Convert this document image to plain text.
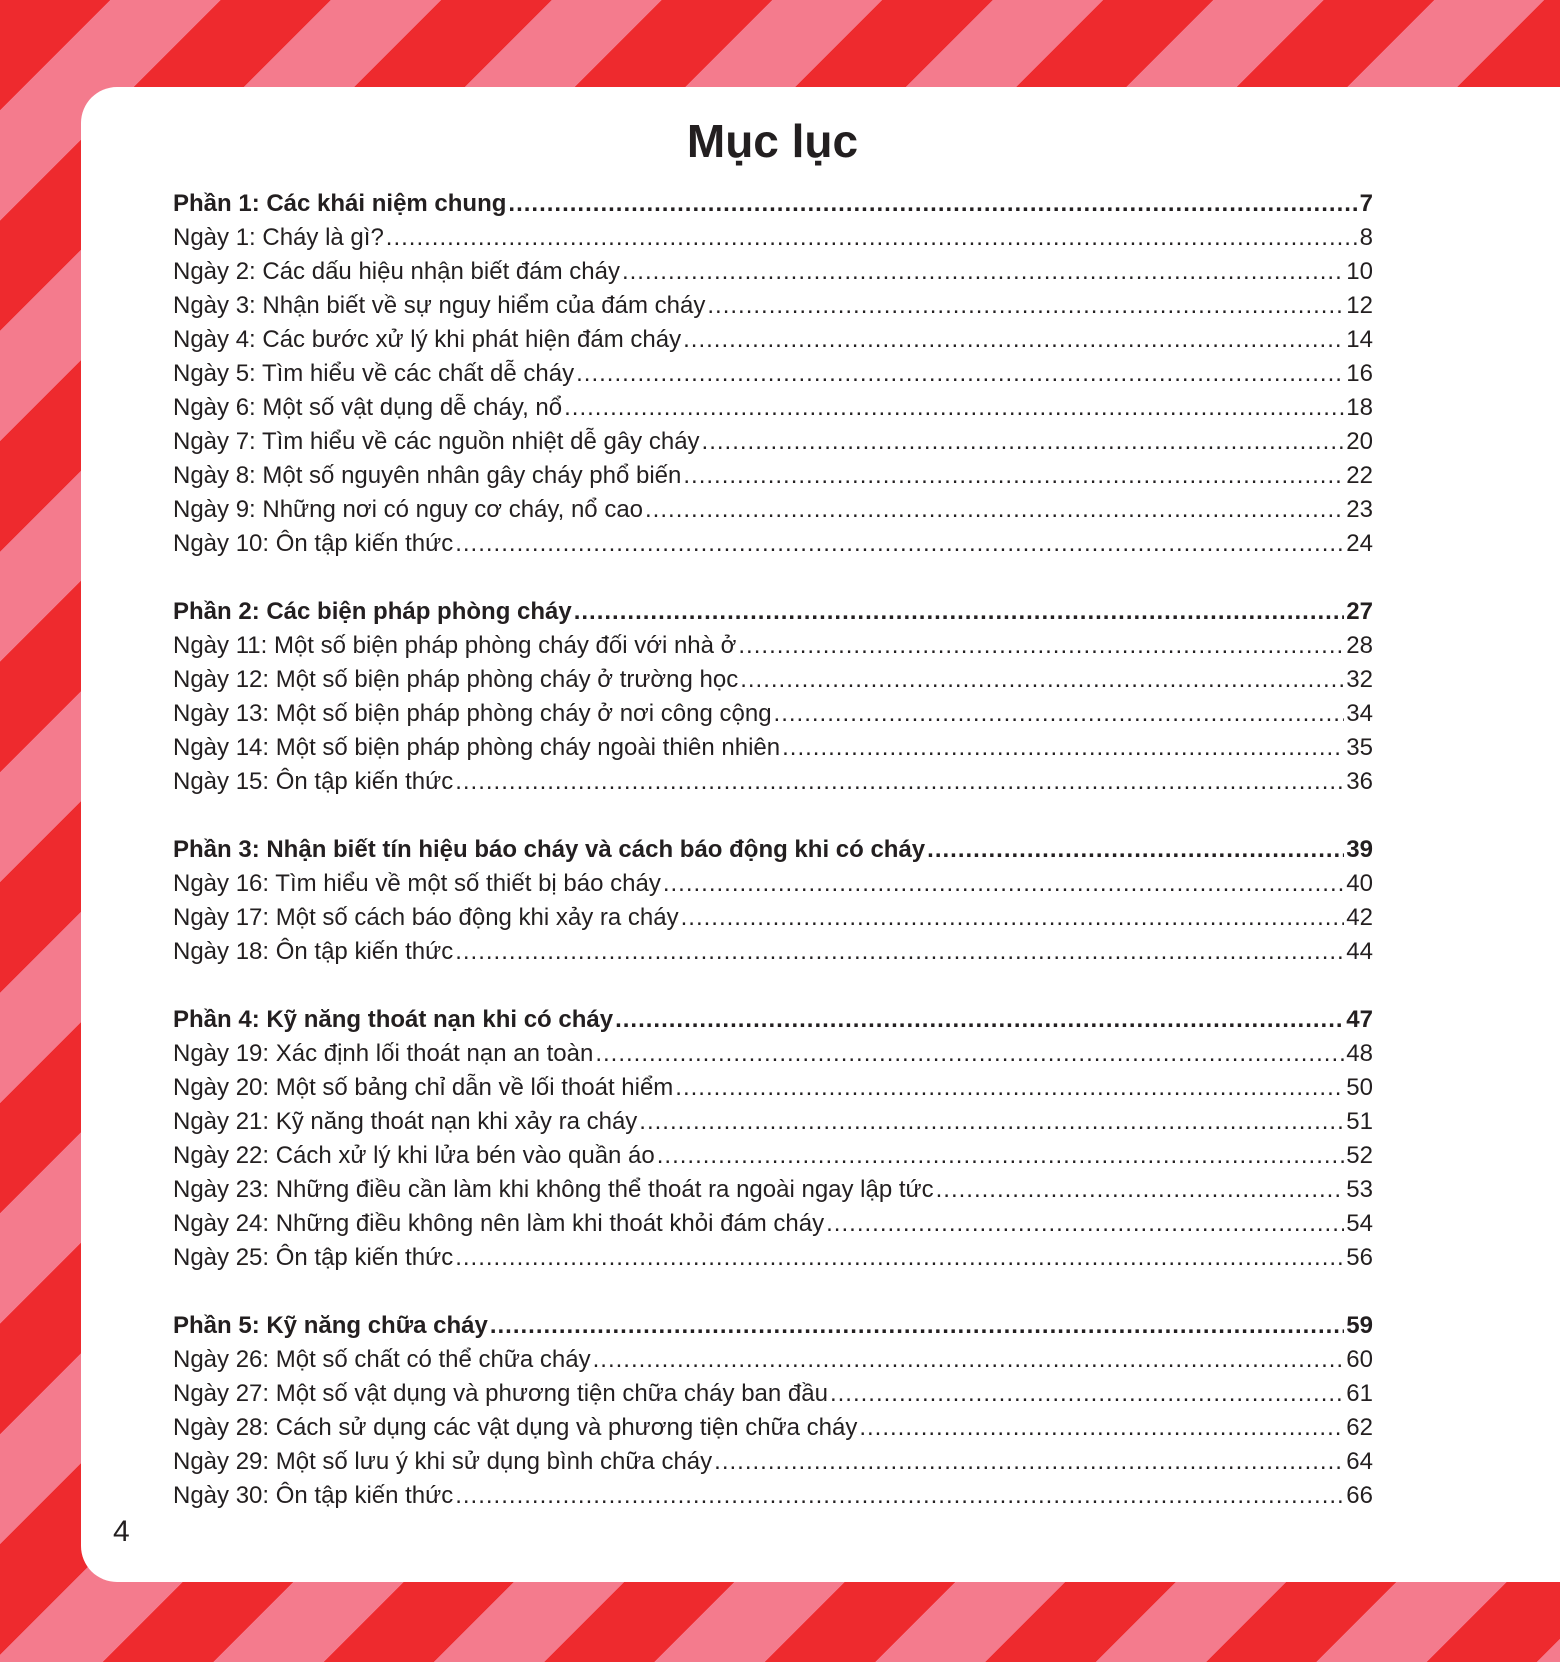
Mục lục
Phần 1: Các khái niệm chung .....	7
Ngày 1: Cháy là gì? .....	8
Ngày 2: Các dấu hiệu nhận biết đám cháy .....	10
Ngày 3: Nhận biết về sự nguy hiểm của đám cháy .....	12
Ngày 4: Các bước xử lý khi phát hiện đám cháy .....	14
Ngày 5: Tìm hiểu về các chất dễ cháy .....	16
Ngày 6: Một số vật dụng dễ cháy, nổ .....	18
Ngày 7: Tìm hiểu về các nguồn nhiệt dễ gây cháy .....	20
Ngày 8: Một số nguyên nhân gây cháy phổ biến .....	22
Ngày 9: Những nơi có nguy cơ cháy, nổ cao .....	23
Ngày 10: Ôn tập kiến thức .....	24
Phần 2: Các biện pháp phòng cháy .....	27
Ngày 11: Một số biện pháp phòng cháy đối với nhà ở .....	28
Ngày 12: Một số biện pháp phòng cháy ở trường học .....	32
Ngày 13: Một số biện pháp phòng cháy ở nơi công cộng .....	34
Ngày 14: Một số biện pháp phòng cháy ngoài thiên nhiên .....	35
Ngày 15: Ôn tập kiến thức .....	36
Phần 3: Nhận biết tín hiệu báo cháy và cách báo động khi có cháy .....	39
Ngày 16: Tìm hiểu về một số thiết bị báo cháy .....	40
Ngày 17: Một số cách báo động khi xảy ra cháy .....	42
Ngày 18: Ôn tập kiến thức .....	44
Phần 4: Kỹ năng thoát nạn khi có cháy .....	47
Ngày 19: Xác định lối thoát nạn an toàn .....	48
Ngày 20: Một số bảng chỉ dẫn về lối thoát hiểm .....	50
Ngày 21: Kỹ năng thoát nạn khi xảy ra cháy .....	51
Ngày 22: Cách xử lý khi lửa bén vào quần áo .....	52
Ngày 23: Những điều cần làm khi không thể thoát ra ngoài ngay lập tức .....	53
Ngày 24: Những điều không nên làm khi thoát khỏi đám cháy .....	54
Ngày 25: Ôn tập kiến thức .....	56
Phần 5: Kỹ năng chữa cháy .....	59
Ngày 26: Một số chất có thể chữa cháy .....	60
Ngày 27: Một số vật dụng và phương tiện chữa cháy ban đầu .....	61
Ngày 28: Cách sử dụng các vật dụng và phương tiện chữa cháy .....	62
Ngày 29: Một số lưu ý khi sử dụng bình chữa cháy .....	64
Ngày 30: Ôn tập kiến thức .....	66
4
